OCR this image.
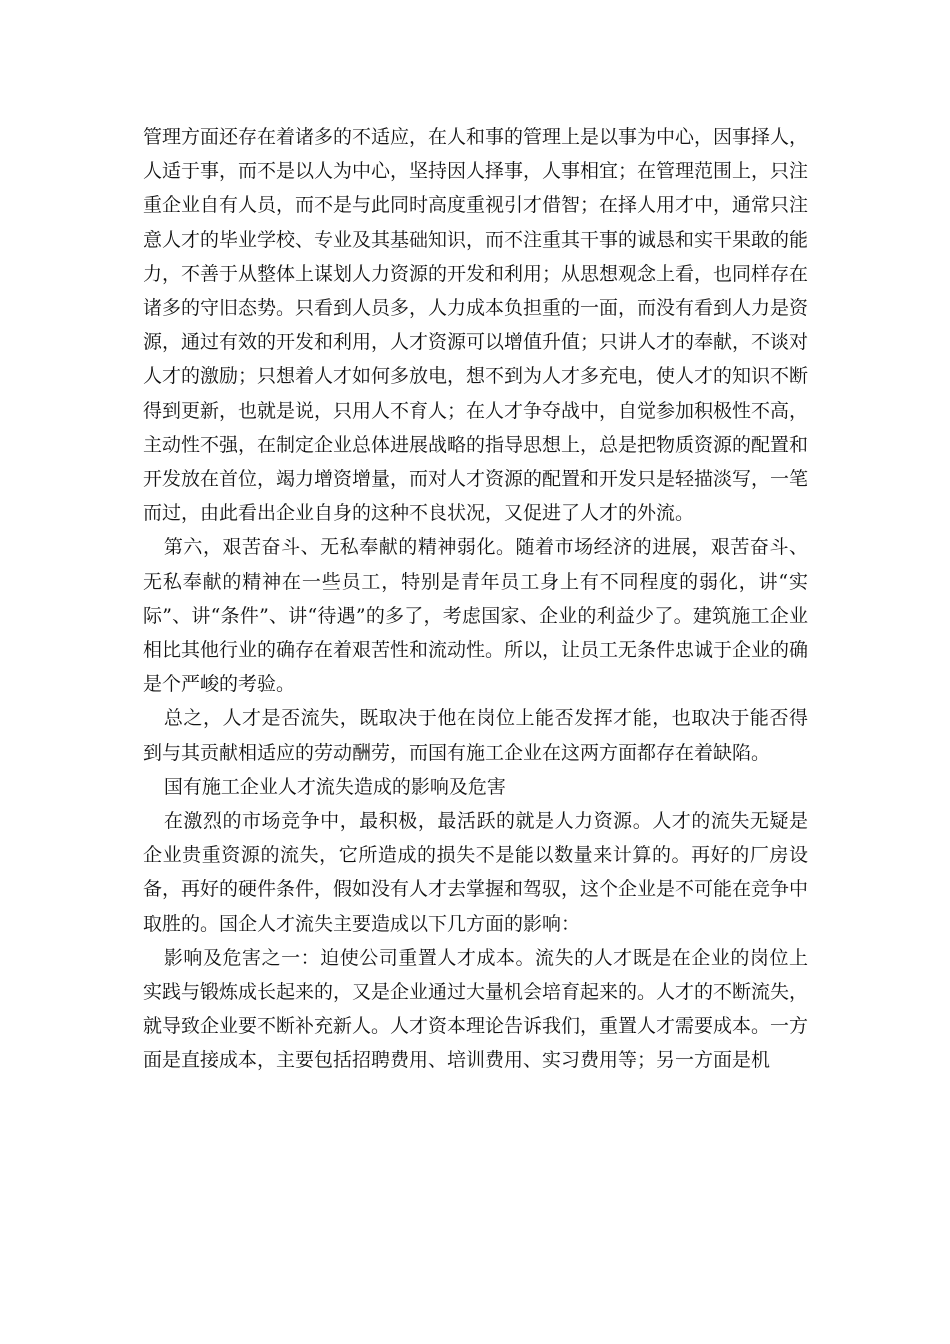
管理方面还存在着诸多的不适应，在人和事的管理上是以事为中心，因事择人，人适于事，而不是以人为中心，坚持因人择事，人事相宜；在管理范围上，只注重企业自有人员，而不是与此同时高度重视引才借智；在择人用才中，通常只注意人才的毕业学校、专业及其基础知识，而不注重其干事的诚恳和实干果敢的能力，不善于从整体上谋划人力资源的开发和利用；从思想观念上看，也同样存在诸多的守旧态势。只看到人员多，人力成本负担重的一面，而没有看到人力是资源，通过有效的开发和利用，人才资源可以增值升值；只讲人才的奉献，不谈对人才的激励；只想着人才如何多放电，想不到为人才多充电，使人才的知识不断得到更新，也就是说，只用人不育人；在人才争夺战中，自觉参加积极性不高，主动性不强，在制定企业总体进展战略的指导思想上，总是把物质资源的配置和开发放在首位，竭力增资增量，而对人才资源的配置和开发只是轻描淡写，一笔而过，由此看出企业自身的这种不良状况，又促进了人才的外流。

第六，艰苦奋斗、无私奉献的精神弱化。随着市场经济的进展，艰苦奋斗、无私奉献的精神在一些员工，特别是青年员工身上有不同程度的弱化，讲“实际”、讲“条件”、讲“待遇”的多了，考虑国家、企业的利益少了。建筑施工企业相比其他行业的确存在着艰苦性和流动性。所以，让员工无条件忠诚于企业的确是个严峻的考验。

总之，人才是否流失，既取决于他在岗位上能否发挥才能，也取决于能否得到与其贡献相适应的劳动酬劳，而国有施工企业在这两方面都存在着缺陷。

国有施工企业人才流失造成的影响及危害

在激烈的市场竞争中，最积极，最活跃的就是人力资源。人才的流失无疑是企业贵重资源的流失，它所造成的损失不是能以数量来计算的。再好的厂房设备，再好的硬件条件，假如没有人才去掌握和驾驭，这个企业是不可能在竞争中取胜的。国企人才流失主要造成以下几方面的影响：

影响及危害之一：迫使公司重置人才成本。流失的人才既是在企业的岗位上实践与锻炼成长起来的，又是企业通过大量机会培育起来的。人才的不断流失，就导致企业要不断补充新人。人才资本理论告诉我们，重置人才需要成本。一方面是直接成本，主要包括招聘费用、培训费用、实习费用等；另一方面是机
